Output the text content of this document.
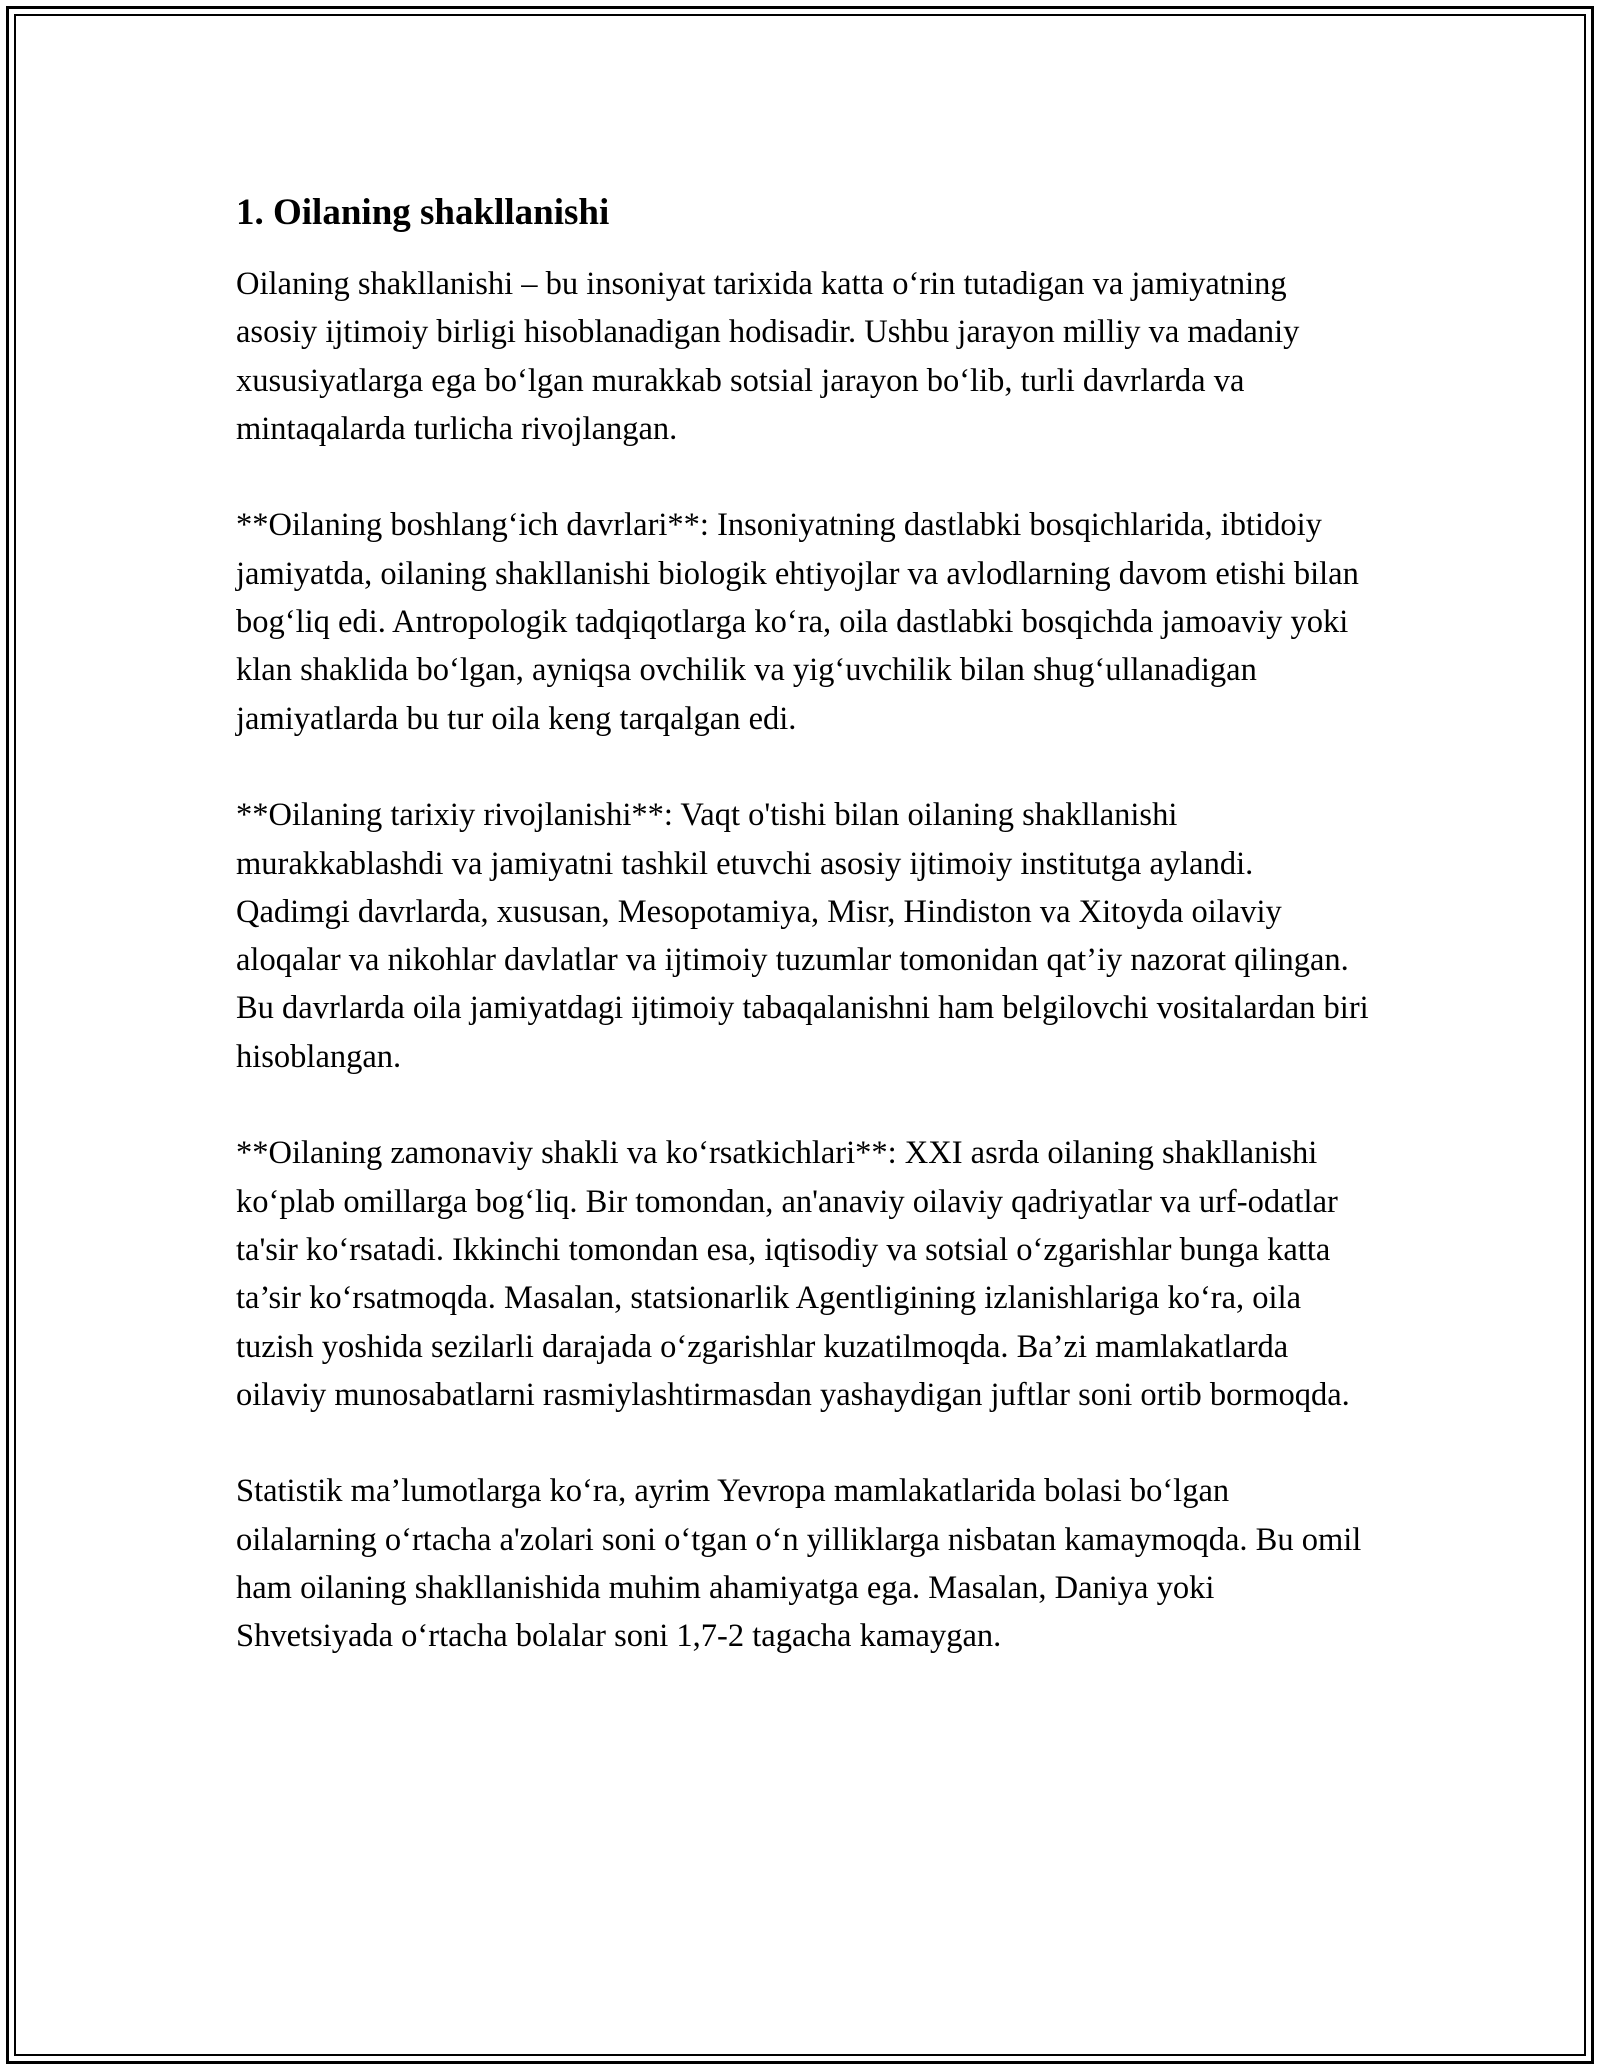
1. Oilaning shakllanishi

Oilaning shakllanishi – bu insoniyat tarixida katta o‘rin tutadigan va jamiyatning asosiy ijtimoiy birligi hisoblanadigan hodisadir. Ushbu jarayon milliy va madaniy xususiyatlarga ega bo‘lgan murakkab sotsial jarayon bo‘lib, turli davrlarda va mintaqalarda turlicha rivojlangan.

**Oilaning boshlang‘ich davrlari**: Insoniyatning dastlabki bosqichlarida, ibtidoiy jamiyatda, oilaning shakllanishi biologik ehtiyojlar va avlodlarning davom etishi bilan bog‘liq edi. Antropologik tadqiqotlarga ko‘ra, oila dastlabki bosqichda jamoaviy yoki klan shaklida bo‘lgan, ayniqsa ovchilik va yig‘uvchilik bilan shug‘ullanadigan jamiyatlarda bu tur oila keng tarqalgan edi.

**Oilaning tarixiy rivojlanishi**: Vaqt o'tishi bilan oilaning shakllanishi murakkablashdi va jamiyatni tashkil etuvchi asosiy ijtimoiy institutga aylandi. Qadimgi davrlarda, xususan, Mesopotamiya, Misr, Hindiston va Xitoyda oilaviy aloqalar va nikohlar davlatlar va ijtimoiy tuzumlar tomonidan qat’iy nazorat qilingan. Bu davrlarda oila jamiyatdagi ijtimoiy tabaqalanishni ham belgilovchi vositalardan biri hisoblangan.

**Oilaning zamonaviy shakli va ko‘rsatkichlari**: XXI asrda oilaning shakllanishi ko‘plab omillarga bog‘liq. Bir tomondan, an'anaviy oilaviy qadriyatlar va urf-odatlar ta'sir ko‘rsatadi. Ikkinchi tomondan esa, iqtisodiy va sotsial o‘zgarishlar bunga katta ta’sir ko‘rsatmoqda. Masalan, statsionarlik Agentligining izlanishlariga ko‘ra, oila tuzish yoshida sezilarli darajada o‘zgarishlar kuzatilmoqda. Ba’zi mamlakatlarda oilaviy munosabatlarni rasmiylashtirmasdan yashaydigan juftlar soni ortib bormoqda.

Statistik ma’lumotlarga ko‘ra, ayrim Yevropa mamlakatlarida bolasi bo‘lgan oilalarning o‘rtacha a'zolari soni o‘tgan o‘n yilliklarga nisbatan kamaymoqda. Bu omil ham oilaning shakllanishida muhim ahamiyatga ega. Masalan, Daniya yoki Shvetsiyada o‘rtacha bolalar soni 1,7-2 tagacha kamaygan.
